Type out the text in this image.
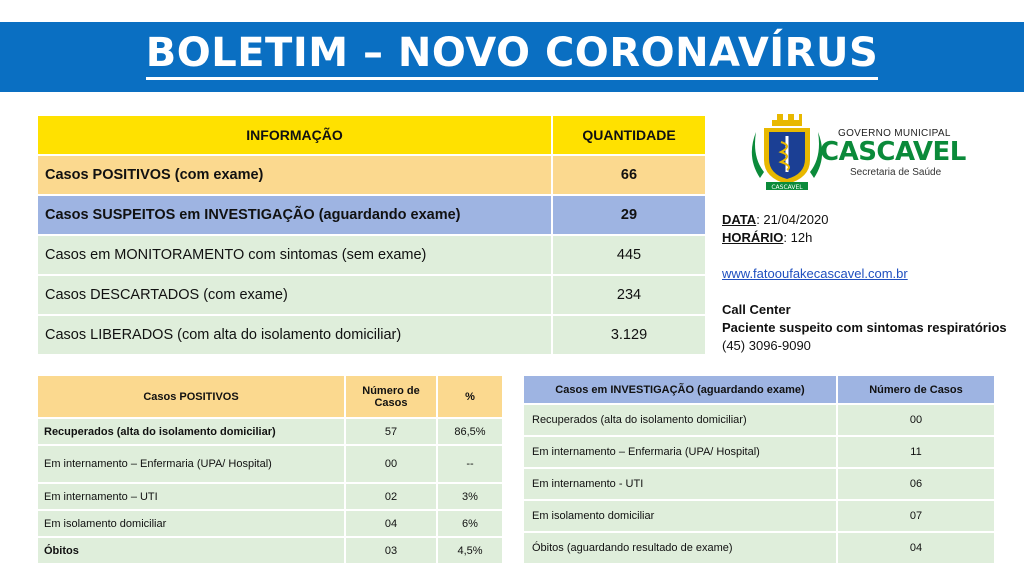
BOLETIM – NOVO CORONAVÍRUS
INFORMAÇÃO	QUANTIDADE
Casos POSITIVOS (com exame)	66
Casos SUSPEITOS em INVESTIGAÇÃO (aguardando exame)	29
Casos em MONITORAMENTO com sintomas (sem exame)	445
Casos DESCARTADOS (com exame)	234
Casos LIBERADOS (com alta do isolamento domiciliar)	3.129
CASCAVEL
GOVERNO MUNICIPAL
CASCAVEL
Secretaria de Saúde
DATA: 21/04/2020
HORÁRIO: 12h
www.fatooufakecascavel.com.br
Call Center
Paciente suspeito com sintomas respiratórios
(45) 3096-9090
Casos POSITIVOS	Número de Casos	%
Recuperados (alta do isolamento domiciliar)	57	86,5%
Em internamento – Enfermaria (UPA/ Hospital)	00	--
Em internamento – UTI	02	3%
Em isolamento domiciliar	04	6%
Óbitos	03	4,5%
Casos em INVESTIGAÇÃO (aguardando exame)	Número de Casos
Recuperados (alta do isolamento domiciliar)	00
Em internamento – Enfermaria (UPA/ Hospital)	11
Em internamento - UTI	06
Em isolamento domiciliar	07
Óbitos (aguardando resultado de exame)	04
